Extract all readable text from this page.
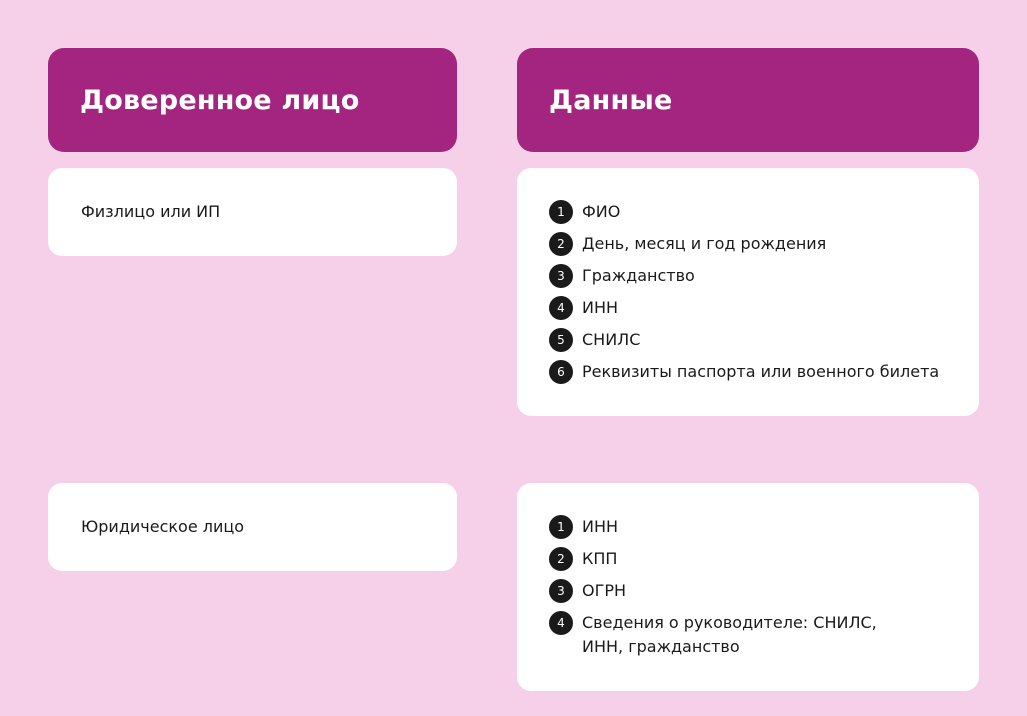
Доверенное лицо	Данные
Физлицо или ИП	1	ФИО
2	День, месяц и год рождения
3	Гражданство
4	ИНН
5	СНИЛС
6	Реквизиты паспорта или военного билета
Юридическое лицо	1	ИНН
2	КПП
3	ОГРН
4	Сведения о руководителе: СНИЛС, ИНН, гражданство
